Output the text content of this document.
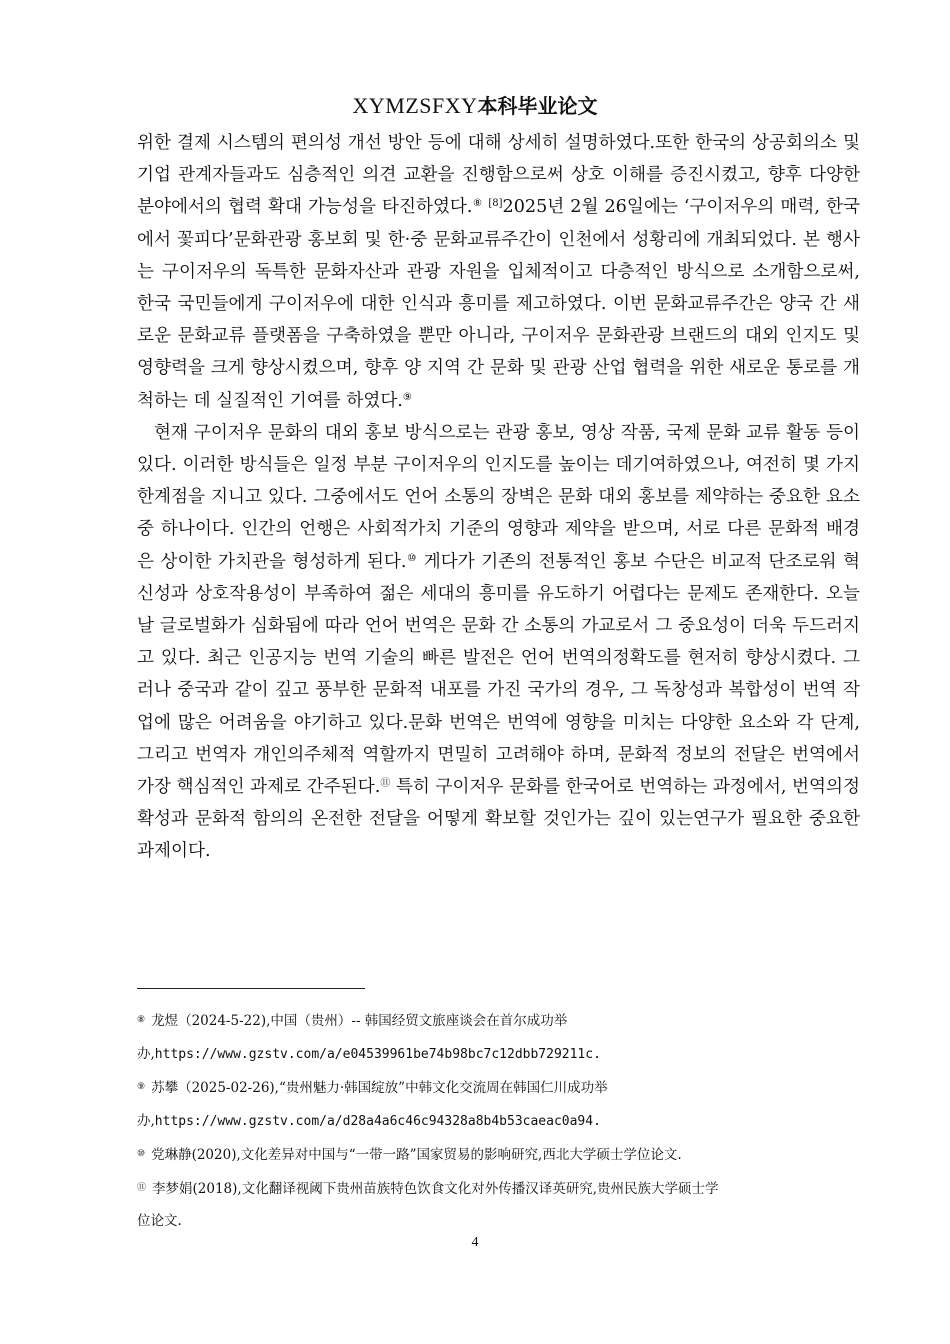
XYMZSFXY本科毕业论文

위한 결제 시스템의 편의성 개선 방안 등에 대해 상세히 설명하였다.또한 한국의 상공회의소 및 기업 관계자들과도 심층적인 의견 교환을 진행함으로써 상호 이해를 증진시켰고, 향후 다양한 분야에서의 협력 확대 가능성을 타진하였다.⑧ [8]2025년 2월 26일에는 ‘구이저우의 매력, 한국에서 꽃피다’문화관광 홍보회 및 한·중 문화교류주간이 인천에서 성황리에 개최되었다. 본 행사는 구이저우의 독특한 문화자산과 관광 자원을 입체적이고 다층적인 방식으로 소개함으로써, 한국 국민들에게 구이저우에 대한 인식과 흥미를 제고하였다. 이번 문화교류주간은 양국 간 새로운 문화교류 플랫폼을 구축하였을 뿐만 아니라, 구이저우 문화관광 브랜드의 대외 인지도 및 영향력을 크게 향상시켰으며, 향후 양 지역 간 문화 및 관광 산업 협력을 위한 새로운 통로를 개척하는 데 실질적인 기여를 하였다.⑨

현재 구이저우 문화의 대외 홍보 방식으로는 관광 홍보, 영상 작품, 국제 문화 교류 활동 등이 있다. 이러한 방식들은 일정 부분 구이저우의 인지도를 높이는 데기여하였으나, 여전히 몇 가지 한계점을 지니고 있다. 그중에서도 언어 소통의 장벽은 문화 대외 홍보를 제약하는 중요한 요소 중 하나이다. 인간의 언행은 사회적가치 기준의 영향과 제약을 받으며, 서로 다른 문화적 배경은 상이한 가치관을 형성하게 된다.⑩ 게다가 기존의 전통적인 홍보 수단은 비교적 단조로워 혁신성과 상호작용성이 부족하여 젊은 세대의 흥미를 유도하기 어렵다는 문제도 존재한다. 오늘날 글로벌화가 심화됨에 따라 언어 번역은 문화 간 소통의 가교로서 그 중요성이 더욱 두드러지고 있다. 최근 인공지능 번역 기술의 빠른 발전은 언어 번역의정확도를 현저히 향상시켰다. 그러나 중국과 같이 깊고 풍부한 문화적 내포를 가진 국가의 경우, 그 독창성과 복합성이 번역 작업에 많은 어려움을 야기하고 있다.문화 번역은 번역에 영향을 미치는 다양한 요소와 각 단계, 그리고 번역자 개인의주체적 역할까지 면밀히 고려해야 하며, 문화적 정보의 전달은 번역에서 가장 핵심적인 과제로 간주된다.⑪ 특히 구이저우 문화를 한국어로 번역하는 과정에서, 번역의정확성과 문화적 함의의 온전한 전달을 어떻게 확보할 것인가는 깊이 있는연구가 필요한 중요한 과제이다.

⑧ 龙煜（2024-5-22),中国（贵州）-- 韩国经贸文旅座谈会在首尔成功举

办,https://www.gzstv.com/a/e04539961be74b98bc7c12dbb729211c.

⑨ 苏攀（2025-02-26),“贵州魅力·韩国绽放”中韩文化交流周在韩国仁川成功举

办,https://www.gzstv.com/a/d28a4a6c46c94328a8b4b53caeac0a94.

⑩ 党琳静(2020),文化差异对中国与“一带一路”国家贸易的影响研究,西北大学硕士学位论文.

⑪ 李梦娟(2018),文化翻译视阈下贵州苗族特色饮食文化对外传播汉译英研究,贵州民族大学硕士学

位论文.

4
